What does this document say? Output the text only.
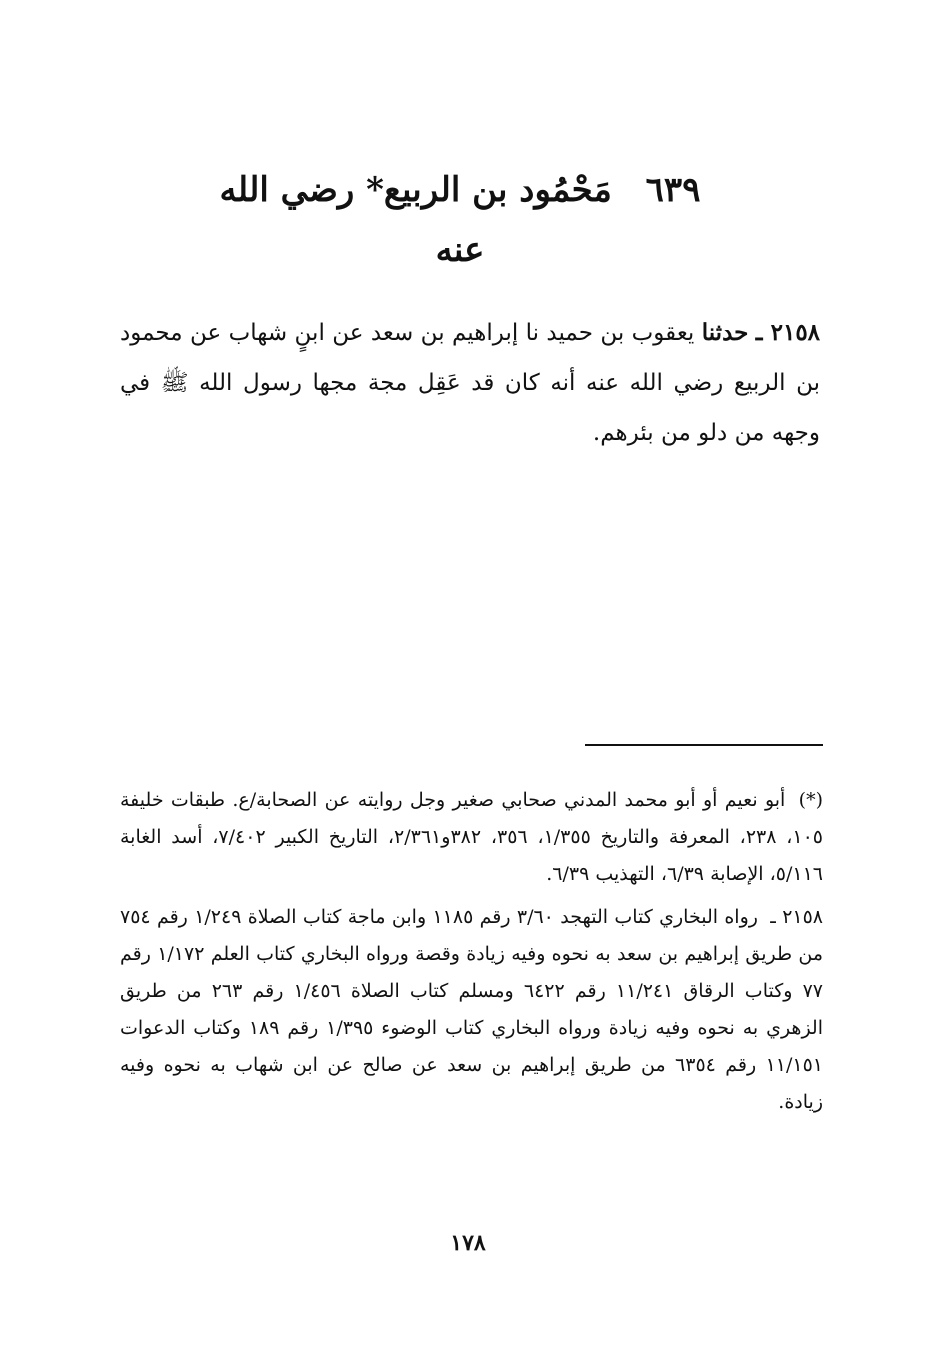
٦٣٩ مَحْمُود بن الربيع* رضي الله عنه
٢١٥٨ ـ حدثنا يعقوب بن حميد نا إبراهيم بن سعد عن ابنٍ شهاب عن محمود بن الربيع رضي الله عنه أنه كان قد عَقِل مجة مجها رسول الله ﷺ في وجهه من دلو من بئرهم.

(*) أبو نعيم أو أبو محمد المدني صحابي صغير وجل روايته عن الصحابة/ع. طبقات خليفة ١٠٥، ٢٣٨، المعرفة والتاريخ ١/٣٥٥، ٣٥٦، ٣٨٢و٢/٣٦١، التاريخ الكبير ٧/٤٠٢، أسد الغابة ٥/١١٦، الإصابة ٦/٣٩، التهذيب ٦/٣٩.

٢١٥٨ ـ رواه البخاري كتاب التهجد ٣/٦٠ رقم ١١٨٥ وابن ماجة كتاب الصلاة ١/٢٤٩ رقم ٧٥٤ من طريق إبراهيم بن سعد به نحوه وفيه زيادة وقصة ورواه البخاري كتاب العلم ١/١٧٢ رقم ٧٧ وكتاب الرقاق ١١/٢٤١ رقم ٦٤٢٢ ومسلم كتاب الصلاة ١/٤٥٦ رقم ٢٦٣ من طريق الزهري به نحوه وفيه زيادة ورواه البخاري كتاب الوضوء ١/٣٩٥ رقم ١٨٩ وكتاب الدعوات ١١/١٥١ رقم ٦٣٥٤ من طريق إبراهيم بن سعد عن صالح عن ابن شهاب به نحوه وفيه زيادة.

١٧٨
